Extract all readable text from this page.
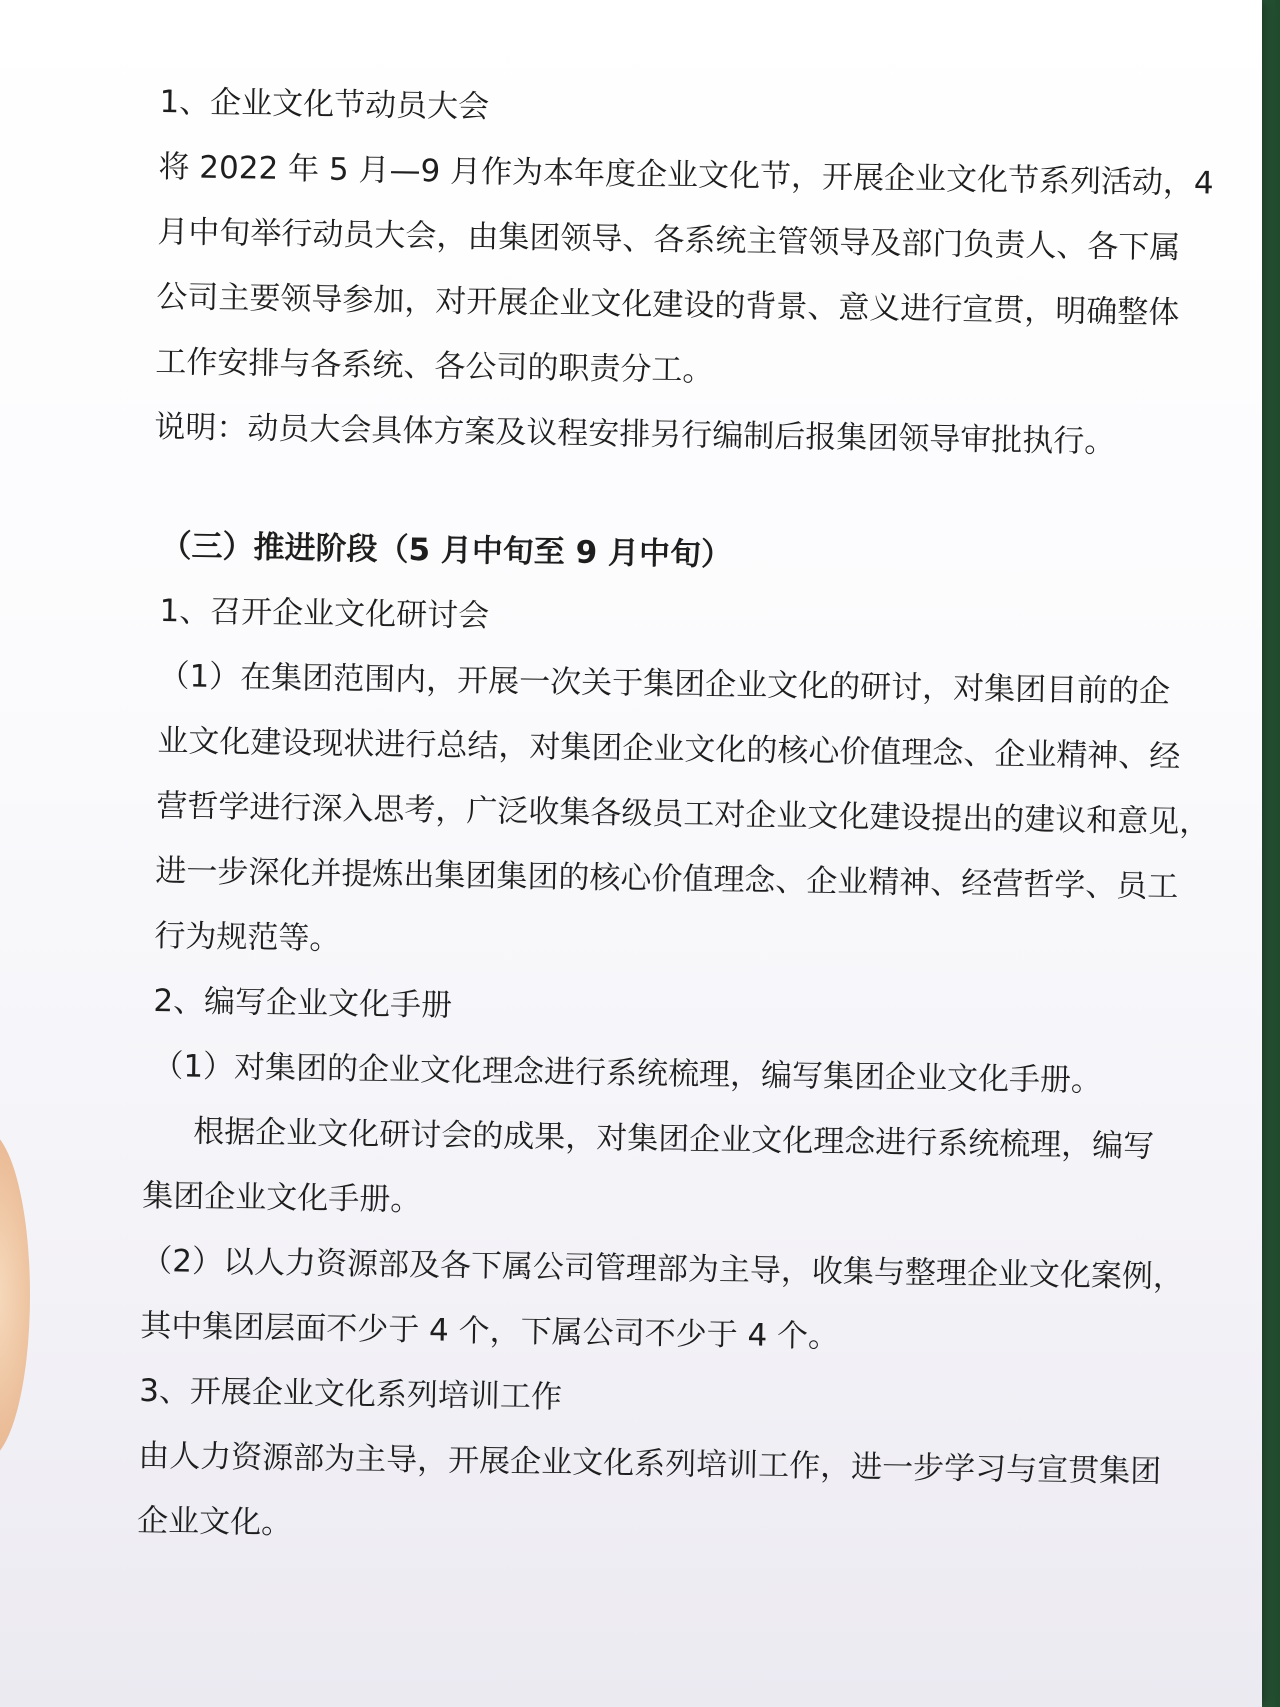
1、企业文化节动员大会
将 2022 年 5 月—9 月作为本年度企业文化节，开展企业文化节系列活动，4
月中旬举行动员大会，由集团领导、各系统主管领导及部门负责人、各下属
公司主要领导参加，对开展企业文化建设的背景、意义进行宣贯，明确整体
工作安排与各系统、各公司的职责分工。
说明：动员大会具体方案及议程安排另行编制后报集团领导审批执行。
（三）推进阶段（5 月中旬至 9 月中旬）
1、召开企业文化研讨会
（1）在集团范围内，开展一次关于集团企业文化的研讨，对集团目前的企
业文化建设现状进行总结，对集团企业文化的核心价值理念、企业精神、经
营哲学进行深入思考，广泛收集各级员工对企业文化建设提出的建议和意见，
进一步深化并提炼出集团集团的核心价值理念、企业精神、经营哲学、员工
行为规范等。
2、编写企业文化手册
（1）对集团的企业文化理念进行系统梳理，编写集团企业文化手册。
根据企业文化研讨会的成果，对集团企业文化理念进行系统梳理，编写
集团企业文化手册。
（2）以人力资源部及各下属公司管理部为主导，收集与整理企业文化案例，
其中集团层面不少于 4 个，下属公司不少于 4 个。
3、开展企业文化系列培训工作
由人力资源部为主导，开展企业文化系列培训工作，进一步学习与宣贯集团
企业文化。
